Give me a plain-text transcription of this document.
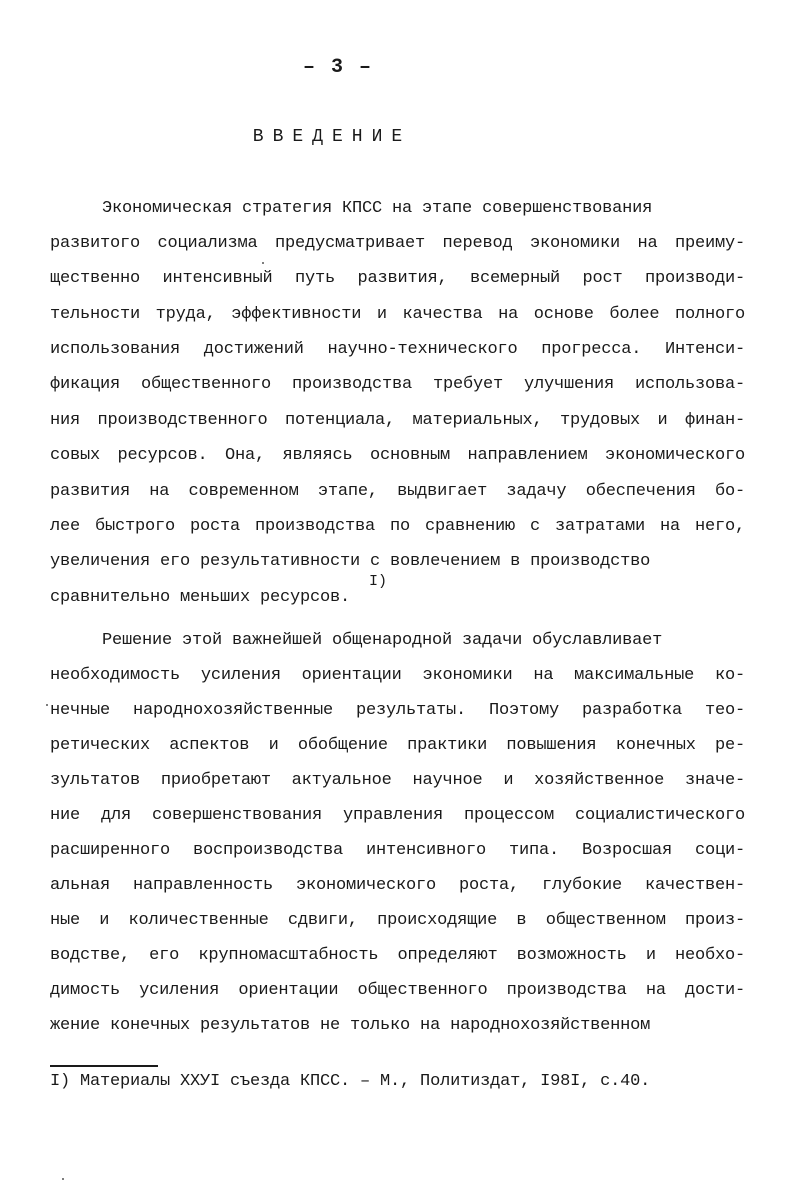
– 3 –
ВВЕДЕНИЕ
Экономическая стратегия КПСС на этапе совершенствования
развитого социализма предусматривает перевод экономики на преиму-
щественно интенсивный путь развития, всемерный рост производи-
тельности труда, эффективности и качества на основе более полного
использования достижений научно-технического прогресса. Интенси-
фикация общественного производства требует улучшения использова-
ния производственного потенциала, материальных, трудовых и финан-
совых ресурсов. Она, являясь основным направлением экономического
развития на современном этапе, выдвигает задачу обеспечения бо-
лее быстрого роста производства по сравнению с затратами на него,
увеличения его результативности с вовлечением в производство
сравнительно меньших ресурсов.
I)
Решение этой важнейшей общенародной задачи обуславливает
необходимость усиления ориентации экономики на максимальные ко-
нечные народнохозяйственные результаты. Поэтому разработка тео-
ретических аспектов и обобщение практики повышения конечных ре-
зультатов приобретают актуальное научное и хозяйственное значе-
ние для совершенствования управления процессом социалистического
расширенного воспроизводства интенсивного типа. Возросшая соци-
альная направленность экономического роста, глубокие качествен-
ные и количественные сдвиги, происходящие в общественном произ-
водстве, его крупномасштабность определяют возможность и необхо-
димость усиления ориентации общественного производства на дости-
жение конечных результатов не только на народнохозяйственном
I) Материалы XXУI съезда КПСС. – М., Политиздат, I98I, с.40.
